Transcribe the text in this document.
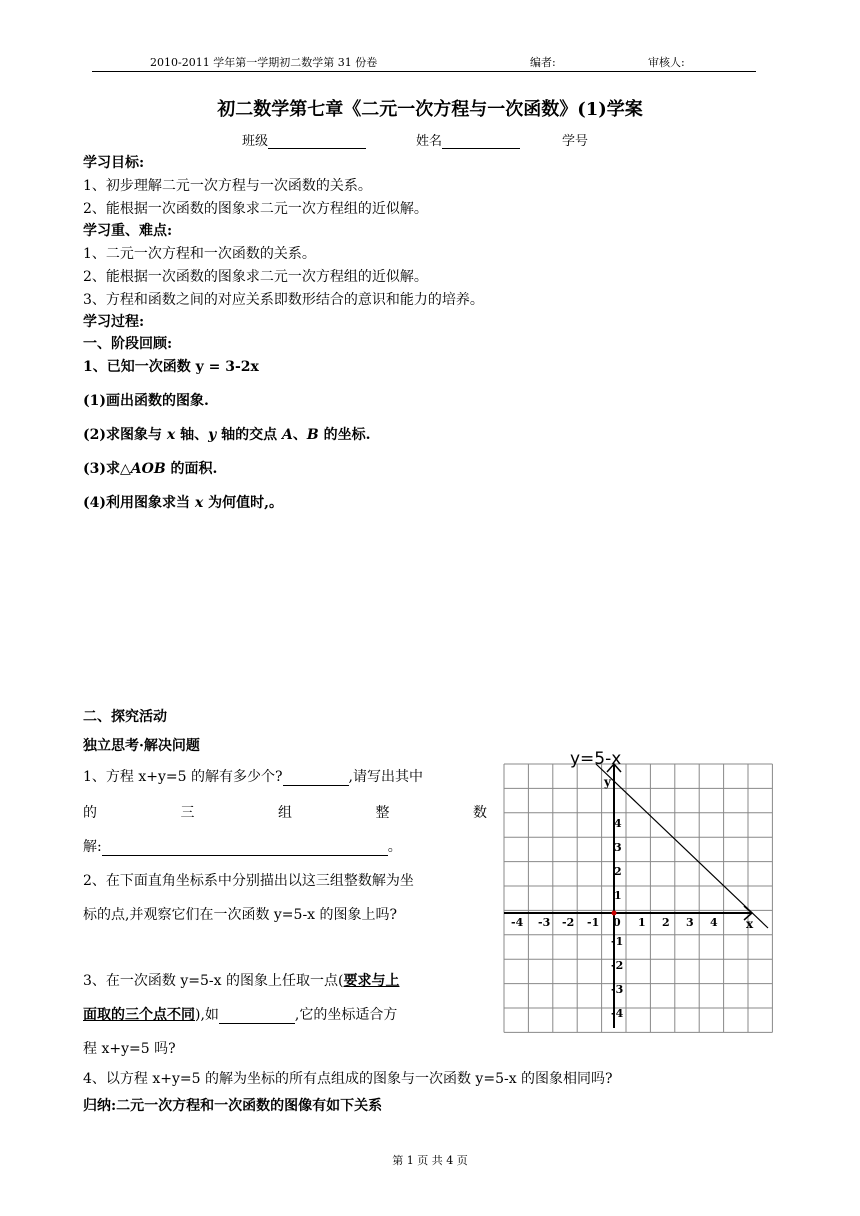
2010-2011 学年第一学期初二数学第 31 份卷	编者:	审核人:
初二数学第七章《二元一次方程与一次函数》(1)学案
班级	姓名	学号
学习目标:
1、初步理解二元一次方程与一次函数的关系。
2、能根据一次函数的图象求二元一次方程组的近似解。
学习重、难点:
1、二元一次方程和一次函数的关系。
2、能根据一次函数的图象求二元一次方程组的近似解。
3、方程和函数之间的对应关系即数形结合的意识和能力的培养。
学习过程:
一、阶段回顾:
1、已知一次函数 y = 3-2x
(1)画出函数的图象.
(2)求图象与 x 轴、y 轴的交点 A、B 的坐标.
(3)求△AOB 的面积.
(4)利用图象求当 x 为何值时,。
二、探究活动
独立思考·解决问题
1、方程 x+y=5 的解有多少个?	,请写出其中
的	三	组	整	数
解:	。
2、在下面直角坐标系中分别描出以这三组整数解为坐
标的点,并观察它们在一次函数 y=5-x 的图象上吗?
3、在一次函数 y=5-x 的图象上任取一点(要求与上
面取的三个点不同),如	,它的坐标适合方
程 x+y=5 吗?
4、以方程 x+y=5 的解为坐标的所有点组成的图象与一次函数 y=5-x 的图象相同吗?
归纳:二元一次方程和一次函数的图像有如下关系
y=5-x
y
x
0
-4 -3 -2 -1	1 2 3 4
4
3
2
1
-1
-2
-3
-4
第 1 页 共 4 页
